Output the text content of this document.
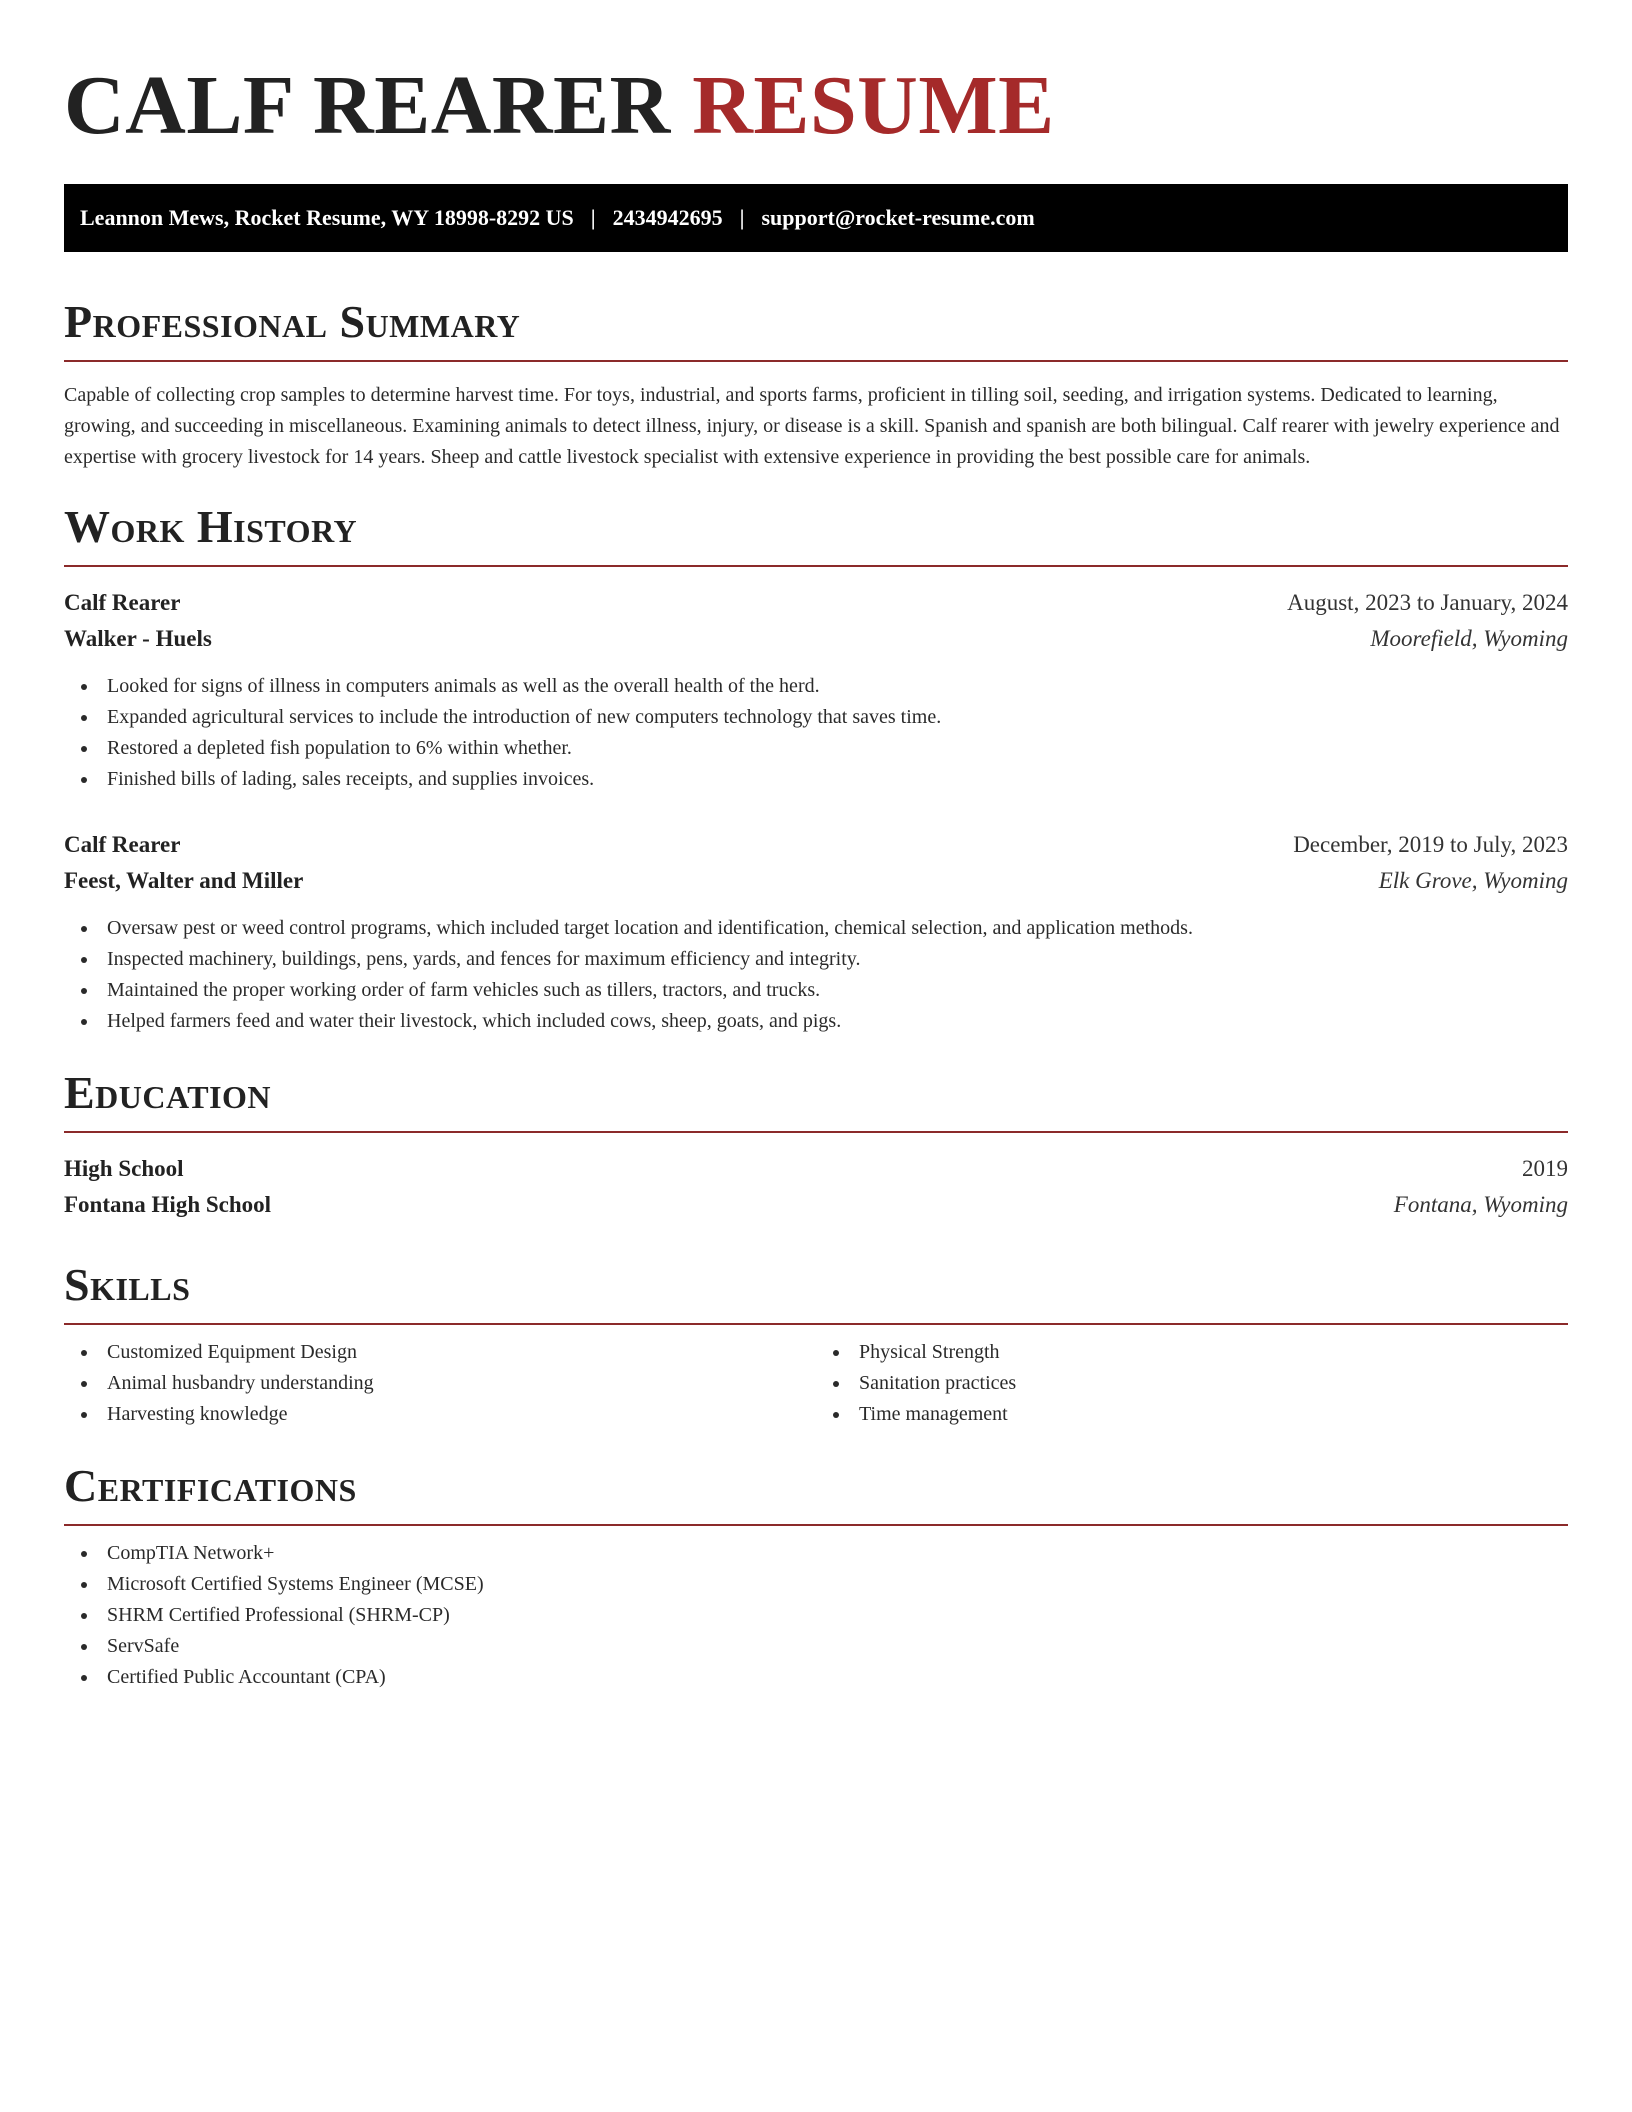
CALF REARER RESUME
Leannon Mews, Rocket Resume, WY 18998-8292 US | 2434942695 | support@rocket-resume.com
Professional Summary

Capable of collecting crop samples to determine harvest time. For toys, industrial, and sports farms, proficient in tilling soil, seeding, and irrigation systems. Dedicated to learning, growing, and succeeding in miscellaneous. Examining animals to detect illness, injury, or disease is a skill. Spanish and spanish are both bilingual. Calf rearer with jewelry experience and expertise with grocery livestock for 14 years. Sheep and cattle livestock specialist with extensive experience in providing the best possible care for animals.

Work History
Calf Rearer	August, 2023 to January, 2024
Walker - Huels	Moorefield, Wyoming
Looked for signs of illness in computers animals as well as the overall health of the herd.
Expanded agricultural services to include the introduction of new computers technology that saves time.
Restored a depleted fish population to 6% within whether.
Finished bills of lading, sales receipts, and supplies invoices.
Calf Rearer	December, 2019 to July, 2023
Feest, Walter and Miller	Elk Grove, Wyoming
Oversaw pest or weed control programs, which included target location and identification, chemical selection, and application methods.
Inspected machinery, buildings, pens, yards, and fences for maximum efficiency and integrity.
Maintained the proper working order of farm vehicles such as tillers, tractors, and trucks.
Helped farmers feed and water their livestock, which included cows, sheep, goats, and pigs.
Education
High School	2019
Fontana High School	Fontana, Wyoming
Skills
Customized Equipment Design
Animal husbandry understanding
Harvesting knowledge
Physical Strength
Sanitation practices
Time management
Certifications
CompTIA Network+
Microsoft Certified Systems Engineer (MCSE)
SHRM Certified Professional (SHRM-CP)
ServSafe
Certified Public Accountant (CPA)
